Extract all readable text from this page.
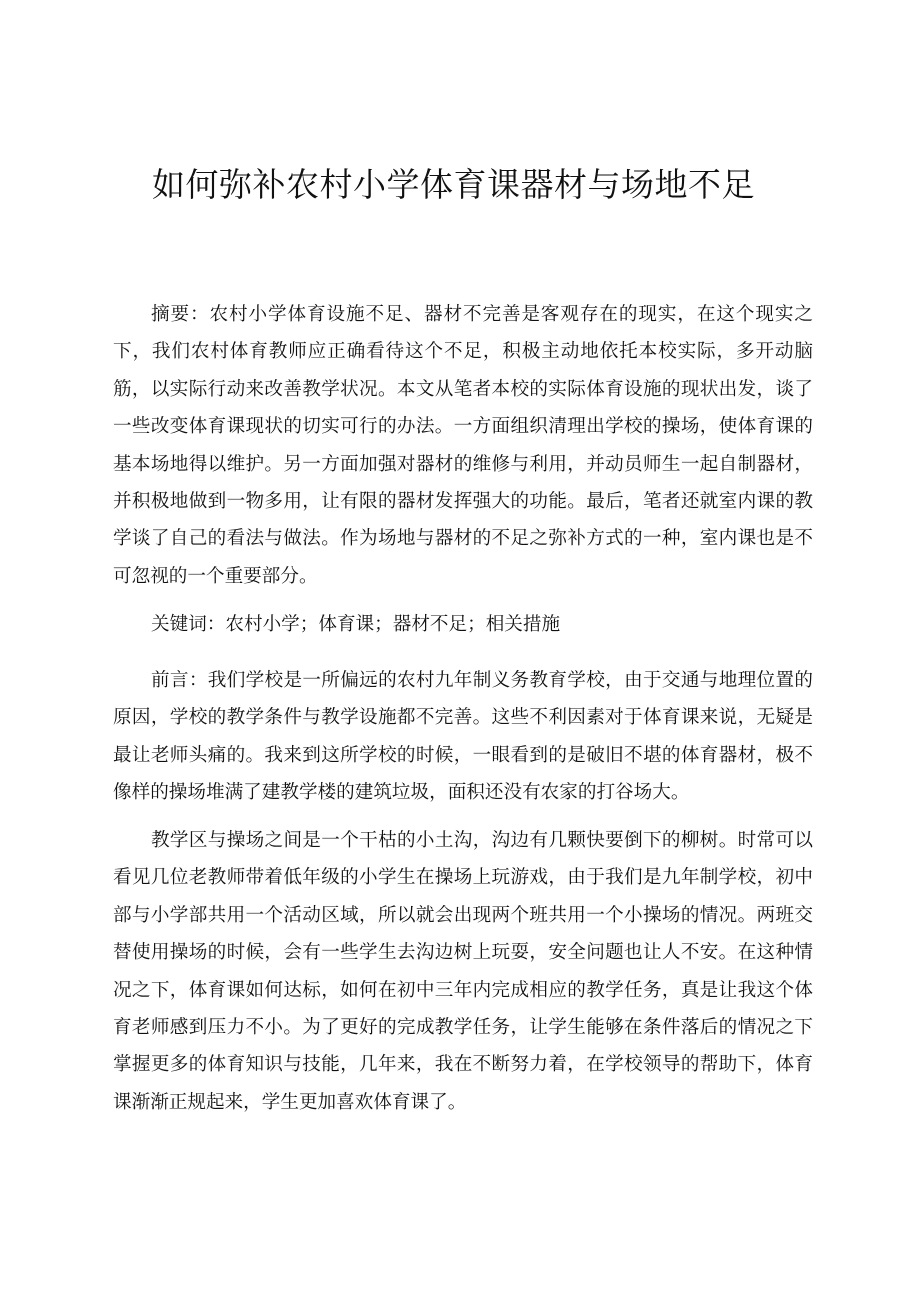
如何弥补农村小学体育课器材与场地不足

摘要：农村小学体育设施不足、器材不完善是客观存在的现实，在这个现实之下，我们农村体育教师应正确看待这个不足，积极主动地依托本校实际，多开动脑筋，以实际行动来改善教学状况。本文从笔者本校的实际体育设施的现状出发，谈了一些改变体育课现状的切实可行的办法。一方面组织清理出学校的操场，使体育课的基本场地得以维护。另一方面加强对器材的维修与利用，并动员师生一起自制器材，并积极地做到一物多用，让有限的器材发挥强大的功能。最后，笔者还就室内课的教学谈了自己的看法与做法。作为场地与器材的不足之弥补方式的一种，室内课也是不可忽视的一个重要部分。

关键词：农村小学；体育课；器材不足；相关措施

前言：我们学校是一所偏远的农村九年制义务教育学校，由于交通与地理位置的原因，学校的教学条件与教学设施都不完善。这些不利因素对于体育课来说，无疑是最让老师头痛的。我来到这所学校的时候，一眼看到的是破旧不堪的体育器材，极不像样的操场堆满了建教学楼的建筑垃圾，面积还没有农家的打谷场大。

教学区与操场之间是一个干枯的小土沟，沟边有几颗快要倒下的柳树。时常可以看见几位老教师带着低年级的小学生在操场上玩游戏，由于我们是九年制学校，初中部与小学部共用一个活动区域，所以就会出现两个班共用一个小操场的情况。两班交替使用操场的时候，会有一些学生去沟边树上玩耍，安全问题也让人不安。在这种情况之下，体育课如何达标，如何在初中三年内完成相应的教学任务，真是让我这个体育老师感到压力不小。为了更好的完成教学任务，让学生能够在条件落后的情况之下掌握更多的体育知识与技能，几年来，我在不断努力着，在学校领导的帮助下，体育课渐渐正规起来，学生更加喜欢体育课了。
